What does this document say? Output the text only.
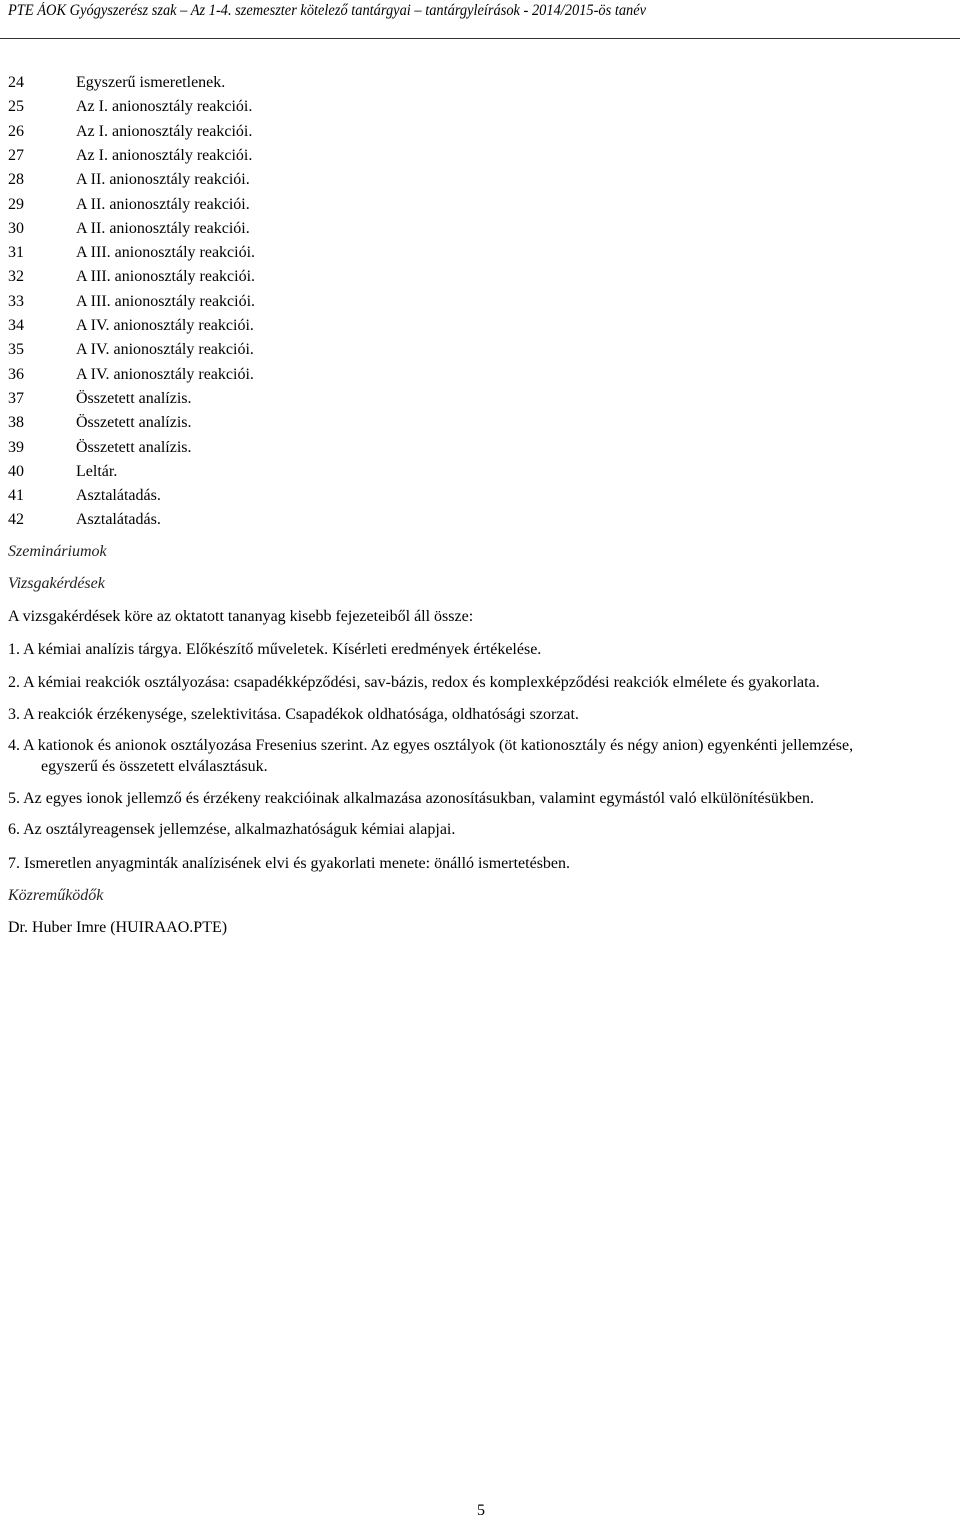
PTE ÁOK Gyógyszerész szak – Az 1-4. szemeszter kötelező tantárgyai – tantárgyleírások - 2014/2015-ös tanév
24	Egyszerű ismeretlenek.
25	Az I. anionosztály reakciói.
26	Az I. anionosztály reakciói.
27	Az I. anionosztály reakciói.
28	A II. anionosztály reakciói.
29	A II. anionosztály reakciói.
30	A II. anionosztály reakciói.
31	A III. anionosztály reakciói.
32	A III. anionosztály reakciói.
33	A III. anionosztály reakciói.
34	A IV. anionosztály reakciói.
35	A IV. anionosztály reakciói.
36	A IV. anionosztály reakciói.
37	Összetett analízis.
38	Összetett analízis.
39	Összetett analízis.
40	Leltár.
41	Asztalátadás.
42	Asztalátadás.
Szemináriumok
Vizsgakérdések
A vizsgakérdések köre az oktatott tananyag kisebb fejezeteiből áll össze:
1. A kémiai analízis tárgya. Előkészítő műveletek. Kísérleti eredmények értékelése.
2. A kémiai reakciók osztályozása: csapadékképződési, sav-bázis, redox és komplexképződési reakciók elmélete és gyakorlata.
3. A reakciók érzékenysége, szelektivitása. Csapadékok oldhatósága, oldhatósági szorzat.
4. A kationok és anionok osztályozása Fresenius szerint. Az egyes osztályok (öt kationosztály és négy anion) egyenkénti jellemzése,
egyszerű és összetett elválasztásuk.
5. Az egyes ionok jellemző és érzékeny reakcióinak alkalmazása azonosításukban, valamint egymástól való elkülönítésükben.
6. Az osztályreagensek jellemzése, alkalmazhatóságuk kémiai alapjai.
7. Ismeretlen anyagminták analízisének elvi és gyakorlati menete: önálló ismertetésben.
Közreműködők
Dr. Huber Imre (HUIRAAO.PTE)
5
